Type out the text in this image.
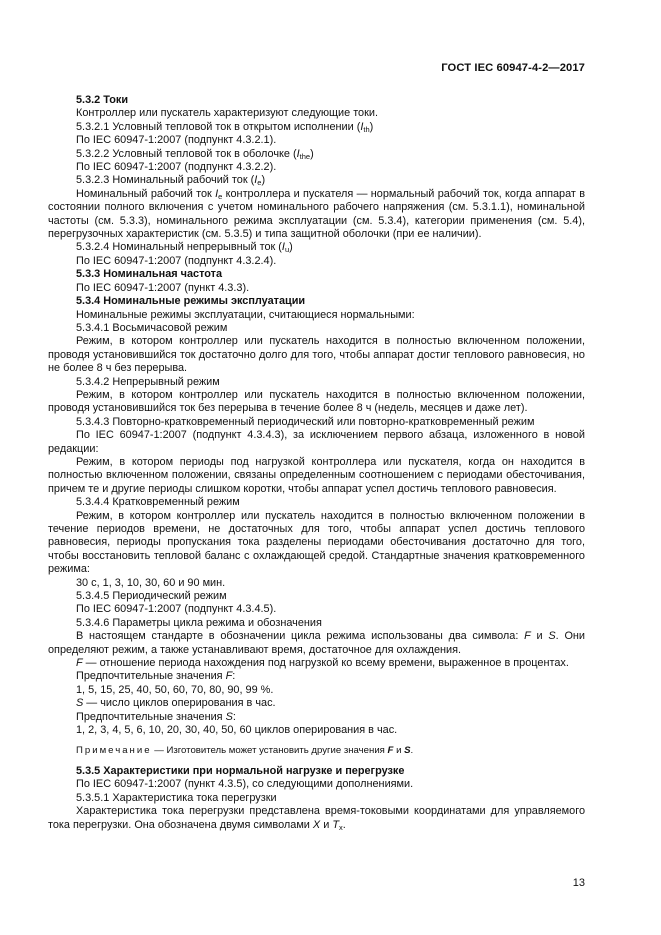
ГОСТ IEC 60947-4-2—2017

5.3.2 Токи

Контроллер или пускатель характеризуют следующие токи.

5.3.2.1 Условный тепловой ток в открытом исполнении $(I_{th})$

По IEC 60947-1:2007 (подпункт 4.3.2.1).

5.3.2.2 Условный тепловой ток в оболочке $(I_{the})$

По IEC 60947-1:2007 (подпункт 4.3.2.2).

5.3.2.3 Номинальный рабочий ток $(I_e)$

Номинальный рабочий ток $I_e$ контроллера и пускателя — нормальный рабочий ток, когда аппарат в состоянии полного включения с учетом номинального рабочего напряжения (см. 5.3.1.1), номинальной частоты (см. 5.3.3), номинального режима эксплуатации (см. 5.3.4), категории применения (см. 5.4), перегрузочных характеристик (см. 5.3.5) и типа защитной оболочки (при ее наличии).

5.3.2.4 Номинальный непрерывный ток $(I_u)$

По IEC 60947-1:2007 (подпункт 4.3.2.4).

5.3.3 Номинальная частота

По IEC 60947-1:2007 (пункт 4.3.3).

5.3.4 Номинальные режимы эксплуатации

Номинальные режимы эксплуатации, считающиеся нормальными:

5.3.4.1 Восьмичасовой режим

Режим, в котором контроллер или пускатель находится в полностью включенном положении, проводя установившийся ток достаточно долго для того, чтобы аппарат достиг теплового равновесия, но не более 8 ч без перерыва.

5.3.4.2 Непрерывный режим

Режим, в котором контроллер или пускатель находится в полностью включенном положении, проводя установившийся ток без перерыва в течение более 8 ч (недель, месяцев и даже лет).

5.3.4.3 Повторно-кратковременный периодический или повторно-кратковременный режим

По IEC 60947-1:2007 (подпункт 4.3.4.3), за исключением первого абзаца, изложенного в новой редакции:

Режим, в котором периоды под нагрузкой контроллера или пускателя, когда он находится в полностью включенном положении, связаны определенным соотношением с периодами обесточивания, причем те и другие периоды слишком коротки, чтобы аппарат успел достичь теплового равновесия.

5.3.4.4 Кратковременный режим

Режим, в котором контроллер или пускатель находится в полностью включенном положении в течение периодов времени, не достаточных для того, чтобы аппарат успел достичь теплового равновесия, периоды пропускания тока разделены периодами обесточивания достаточно для того, чтобы восстановить тепловой баланс с охлаждающей средой. Стандартные значения кратковременного режима:

30 с, 1, 3, 10, 30, 60 и 90 мин.

5.3.4.5 Периодический режим

По IEC 60947-1:2007 (подпункт 4.3.4.5).

5.3.4.6 Параметры цикла режима и обозначения

В настоящем стандарте в обозначении цикла режима использованы два символа: F и S. Они определяют режим, а также устанавливают время, достаточное для охлаждения.

F — отношение периода нахождения под нагрузкой ко всему времени, выраженное в процентах.

Предпочтительные значения F:

1, 5, 15, 25, 40, 50, 60, 70, 80, 90, 99 %.

S — число циклов оперирования в час.

Предпочтительные значения S:

1, 2, 3, 4, 5, 6, 10, 20, 30, 40, 50, 60 циклов оперирования в час.

Примечание — Изготовитель может установить другие значения F и S.

5.3.5 Характеристики при нормальной нагрузке и перегрузке

По IEC 60947-1:2007 (пункт 4.3.5), со следующими дополнениями.

5.3.5.1 Характеристика тока перегрузки

Характеристика тока перегрузки представлена время-токовыми координатами для управляемого тока перегрузки. Она обозначена двумя символами X и $T_x$.

13
